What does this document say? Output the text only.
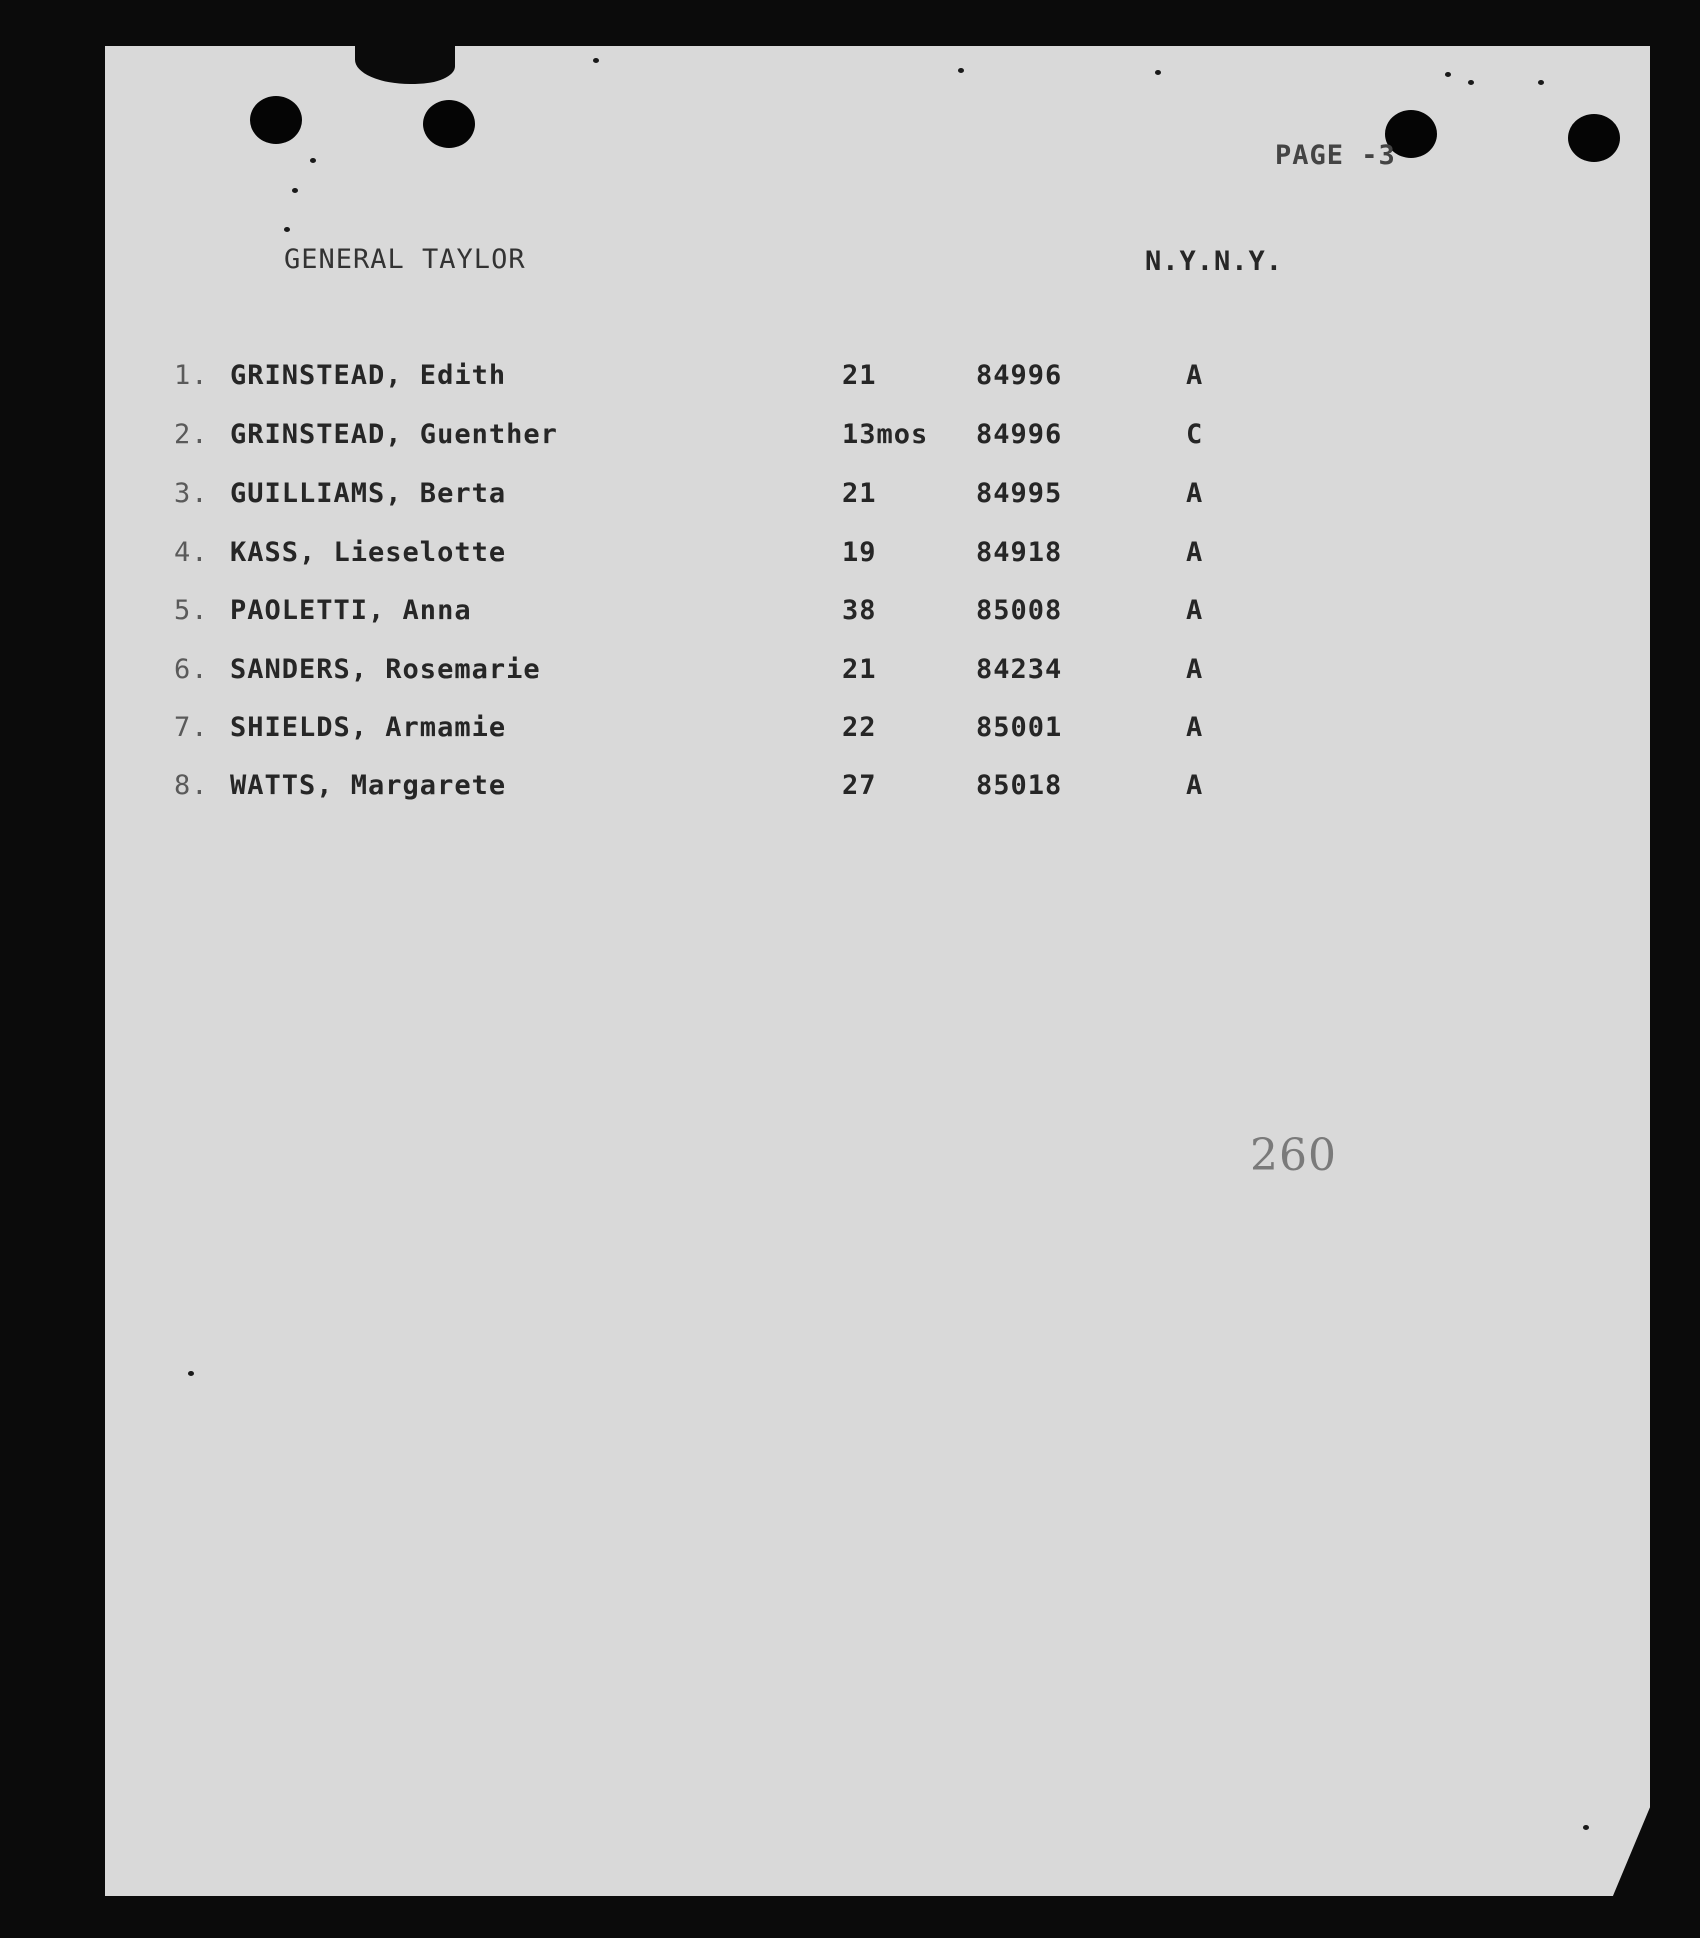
PAGE -3
GENERAL TAYLOR	N.Y.N.Y.
1. GRINSTEAD, Edith	21	84996	A
2. GRINSTEAD, Guenther	13mos 84996	C
3. GUILLIAMS, Berta	21	84995	A
4. KASS, Lieselotte	19	84918	A
5. PAOLETTI, Anna	38	85008	A
6. SANDERS, Rosemarie	21	84234	A
7. SHIELDS, Armamie	22	85001	A
8. WATTS, Margarete	27	85018	A
260
